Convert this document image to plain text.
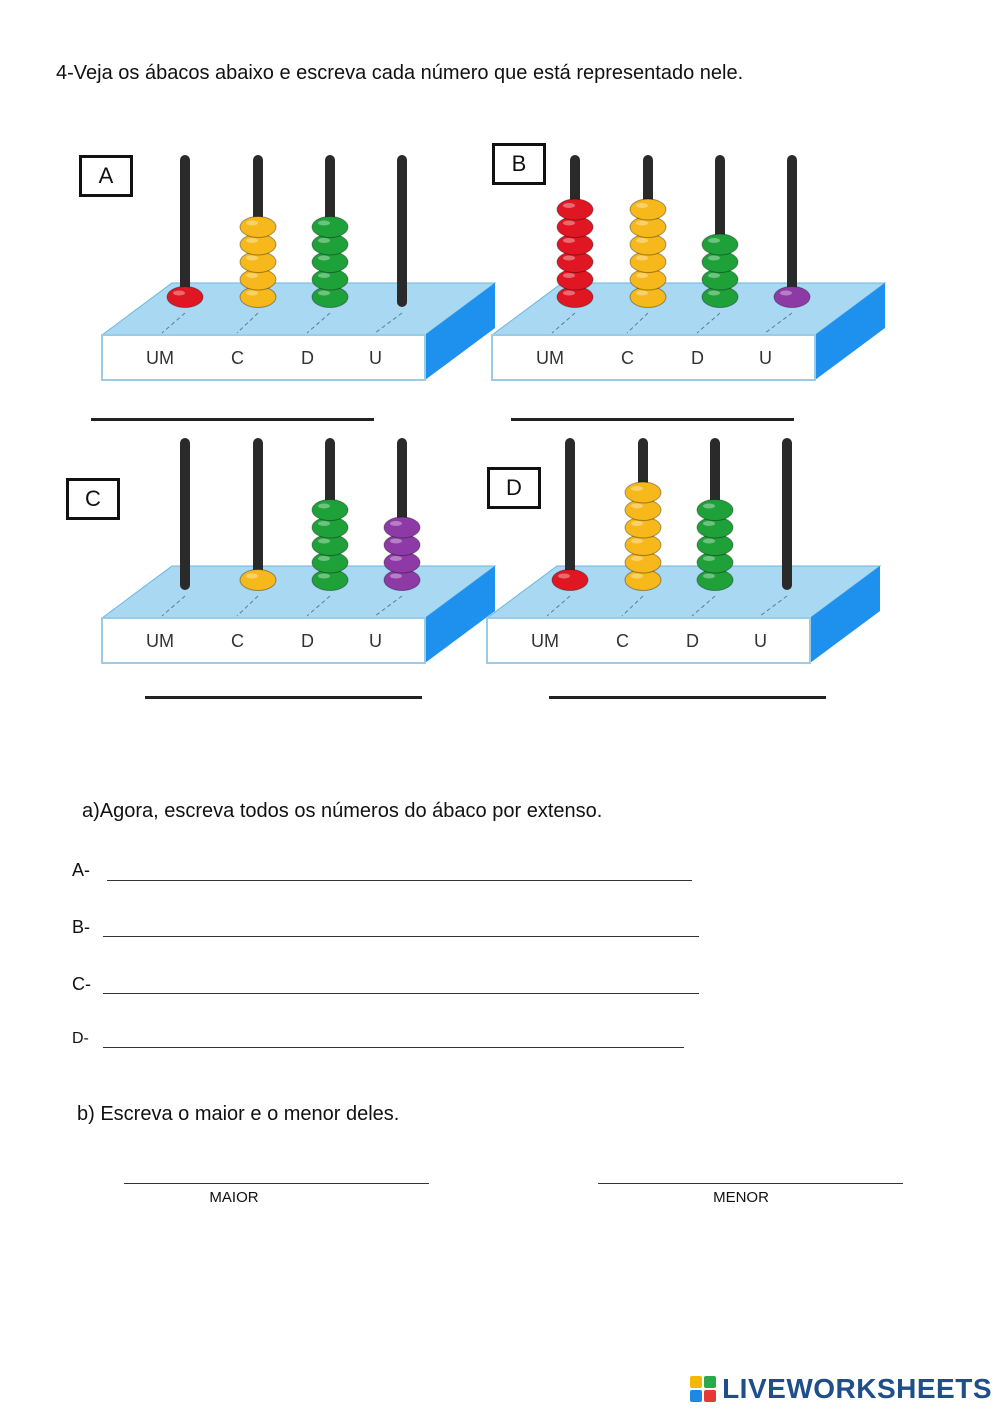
4-Veja os ábacos abaixo e escreva cada número que está representado nele.
UM	C	D	U
A
UM	C	D	U
B
UM	C	D	U
C
UM	C	D	U
D
a)Agora, escreva todos os números do ábaco por extenso.
A-
B-
C-
D-
b) Escreva o maior e o menor deles.
MAIOR	MENOR
LIVEWORKSHEETS
